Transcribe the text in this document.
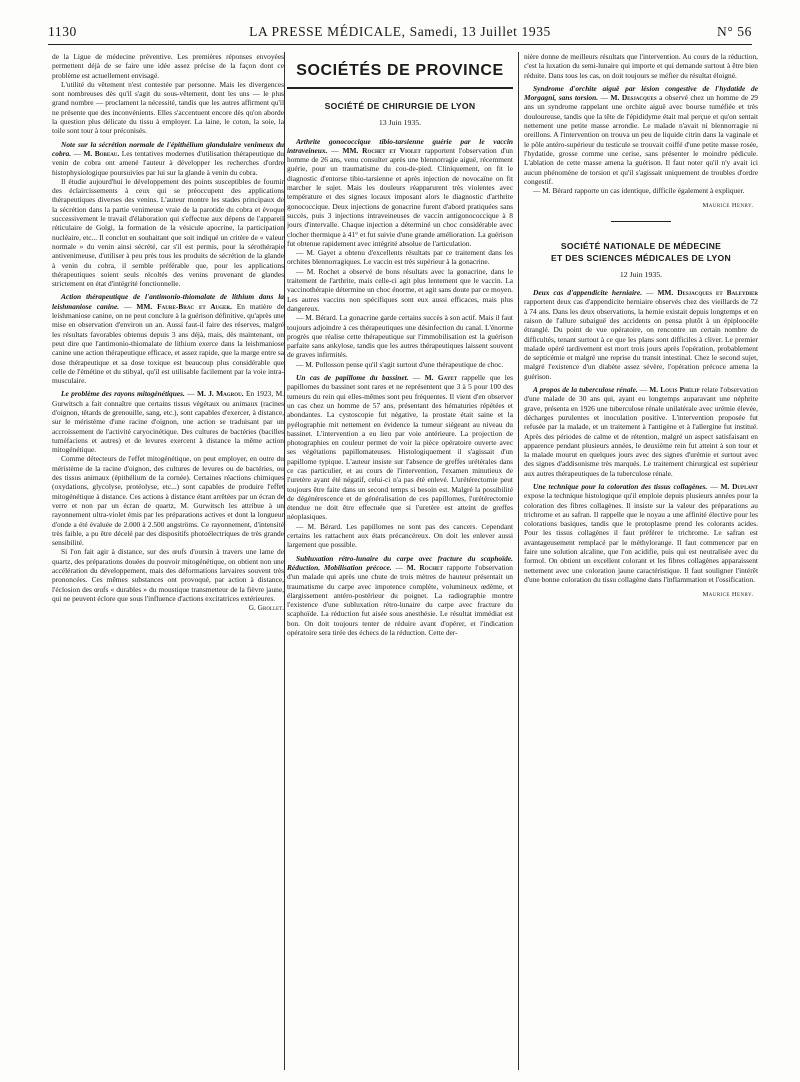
1130	LA PRESSE MÉDICALE, Samedi, 13 Juillet 1935	N° 56

de la Ligue de médecine préventive. Les premières réponses envoyées permettent déjà de se faire une idée assez précise de la façon dont ce problème est actuellement envisagé.

L'utilité du vêtement n'est contestée par personne. Mais les divergences sont nombreuses dès qu'il s'agit du sous-vêtement, dont les uns — le plus grand nombre — proclament la nécessité, tandis que les autres affirment qu'il ne présente que des inconvénients. Elles s'accentuent encore dès qu'on aborde la question plus délicate du tissu à employer. La laine, le coton, la soie, la toile sont tour à tour préconisés.

Note sur la sécrétion normale de l'épithélium glandulaire venimeux du cobra. — M. Bobeau. Les tentatives modernes d'utilisation thérapeutique du venin de cobra ont amené l'auteur à développer les recherches d'ordre histophysiologique poursuivies par lui sur la glande à venin du cobra.

Il étudie aujourd'hui le développement des points susceptibles de fournir des éclaircissements à ceux qui se préoccupent des applications thérapeutiques diverses des venins. L'auteur montre les stades principaux de la sécrétion dans la partie venimeuse vraie de la parotide du cobra et évoque successivement le travail d'élaboration qui s'effectue aux dépens de l'appareil réticulaire de Golgi, la formation de la vésicule apocrine, la participation nucléaire, etc... Il conclut en souhaitant que soit indiqué un critère de « valeur normale » du venin ainsi sécrété, car s'il est permis, pour la sérothérapie antivenimeuse, d'utiliser à peu près tous les produits de sécrétion de la glande à venin du cobra, il semble préférable que, pour les applications thérapeutiques soient seuls récoltés des venins provenant de glandes strictement en état d'intégrité fonctionnelle.

Action thérapeutique de l'antimonio-thiomalate de lithium dans la leishmaniose canine. — MM. Faure-Brac et Auger. En matière de leishmaniose canine, on ne peut conclure à la guérison définitive, qu'après une mise en observation d'environ un an. Aussi faut-il faire des réserves, malgré les résultats favorables obtenus depuis 3 ans déjà, mais, dès maintenant, on peut dire que l'antimonio-thiomalate de lithium exerce dans la leishmaniose canine une action thérapeutique efficace, et assez rapide, que la marge entre sa dose thérapeutique et sa dose toxique est beaucoup plus considérable que celle de l'émétine et du stibyal, qu'il est utilisable facilement par la voie intra-musculaire.

Le problème des rayons mitogénétiques. — M. J. Magrou. En 1923, M. Gurwitsch a fait connaître que certains tissus végétaux ou animaux (racines d'oignon, têtards de grenouille, sang, etc.), sont capables d'exercer, à distance, sur le méristème d'une racine d'oignon, une action se traduisant par un accroissement de l'activité caryocinétique. Des cultures de bactéries (bacilles tuméfaciens et autres) et de levures exercent à distance la même action mitogénétique.

Comme détecteurs de l'effet mitogénétique, on peut employer, en outre du méristème de la racine d'oignon, des cultures de levures ou de bactéries, ou des tissus animaux (épithélium de la cornée). Certaines réactions chimiques (oxydations, glycolyse, protéolyse, etc...) sont capables de produire l'effet mitogénétique à distance. Ces actions à distance étant arrêtées par un écran de verre et non par un écran de quartz, M. Gurwitsch les attribue à un rayonnement ultra-violet émis par les préparations actives et dont la longueur d'onde a été évaluée de 2.000 à 2.500 angströms. Ce rayonnement, d'intensité très faible, a pu être décelé par des dispositifs photoélectriques de très grande sensibilité.

Si l'on fait agir à distance, sur des œufs d'oursin à travers une lame de quartz, des préparations douées du pouvoir mitogénétique, on obtient non une accélération du développement, mais des déformations larvaires souvent très prononcées. Ces mêmes substances ont provoqué, par action à distance, l'éclosion des œufs « durables » du moustique transmetteur de la fièvre jaune, qui ne peuvent éclore que sous l'influence d'actions excitatrices extérieures.

G. Grollet.

SOCIÉTÉS DE PROVINCE
SOCIÉTÉ DE CHIRURGIE DE LYON
13 Juin 1935.

Arthrite gonococcique tibio-tarsienne guérie par le vaccin intraveineux. — MM. Rochet et Violet rapportent l'observation d'un homme de 26 ans, venu consulter après une blennorragie aiguë, récemment guérie, pour un traumatisme du cou-de-pied. Cliniquement, on fit le diagnostic d'entorse tibio-tarsienne et après injection de novocaïne on fit marcher le sujet. Mais les douleurs réapparurent très violentes avec température et des signes locaux imposant alors le diagnostic d'arthrite gonococcique. Deux injections de gonacrine furent d'abord pratiquées sans succès, puis 3 injections intraveineuses de vaccin antigonococcique à 8 jours d'intervalle. Chaque injection a déterminé un choc considérable avec clocher thermique à 41° et fut suivie d'une grande amélioration. La guérison fut obtenue rapidement avec intégrité absolue de l'articulation.

— M. Gayet a obtenu d'excellents résultats par ce traitement dans les orchites blennorragiques. Le vaccin est très supérieur à la gonacrine.

— M. Rochet a observé de bons résultats avec la gonacrine, dans le traitement de l'arthrite, mais celle-ci agit plus lentement que le vaccin. La vaccinothérapie détermine un choc énorme, et agit sans doute par ce moyen. Les autres vaccins non spécifiques sont eux aussi efficaces, mais plus dangereux.

— M. Bérard. La gonacrine garde certains succès à son actif. Mais il faut toujours adjoindre à ces thérapeutiques une désinfection du canal. L'énorme progrès que réalise cette thérapeutique sur l'immobilisation est la guérison parfaite sans ankylose, tandis que les autres thérapeutiques laissent souvent de graves infirmités.

— M. Pollosson pense qu'il s'agit surtout d'une thérapeutique de choc.

Un cas de papillome du bassinet. — M. Gayet rappelle que les papillomes du bassinet sont rares et ne représentent que 3 à 5 pour 100 des tumeurs du rein qui elles-mêmes sont peu fréquentes. Il vient d'en observer un cas chez un homme de 57 ans, présentant des hématuries répétées et abondantes. La cystoscopie fut négative, la prostate était saine et la pyélographie mit nettement en évidence la tumeur siégeant au niveau du bassinet. L'intervention a eu lieu par voie antérieure. La projection de photographies en couleur permet de voir la pièce opératoire ouverte avec ses végétations papillomateuses. Histologiquement il s'agissait d'un papillome typique. L'auteur insiste sur l'absence de greffes urétérales dans ce cas particulier, et au cours de l'intervention, l'examen minutieux de l'uretère ayant été négatif, celui-ci n'a pas été enlevé. L'urétérectomie peut toujours être faite dans un second temps si besoin est. Malgré la possibilité de dégénérescence et de généralisation de ces papillomes, l'urétérectomie étendue ne doit être effectuée que si l'uretère est atteint de greffes néoplasiques.

— M. Bérard. Les papillomes ne sont pas des cancers. Cependant certains les rattachent aux états précancéreux. On doit les enlever aussi largement que possible.

Subluxation rétro-lunaire du carpe avec fracture du scaphoïde. Réduction. Mobilisation précoce. — M. Rochet rapporte l'observation d'un malade qui après une chute de trois mètres de hauteur présentait un traumatisme du carpe avec impotence complète, volumineux œdème, et élargissement antéro-postérieur du poignet. La radiographie montre l'existence d'une subluxation rétro-lunaire du carpe avec fracture du scaphoïde. La réduction fut aisée sous anesthésie. Le résultat immédiat est bon. On doit toujours tenter de réduire avant d'opérer, et l'indication opératoire sera tirée des échecs de la réduction. Cette der-

nière donne de meilleurs résultats que l'intervention. Au cours de la réduction, c'est la luxation du semi-lunaire qui importe et qui demande surtout à être bien réduite. Dans tous les cas, on doit toujours se méfier du résultat éloigné.

Syndrome d'orchite aiguë par lésion congestive de l'hydatide de Morgagni, sans torsion. — M. Desjacques a observé chez un homme de 29 ans un syndrome rappelant une orchite aiguë avec bourse tuméfiée et très douloureuse, tandis que la tête de l'épididyme était mal perçue et qu'on sentait nettement une petite masse arrondie. Le malade n'avait ni blennorragie ni oreillons. A l'intervention on trouva un peu de liquide citrin dans la vaginale et le pôle antéro-supérieur du testicule se trouvait coiffé d'une petite masse rosée, l'hydatide, grosse comme une cerise, sans présenter le moindre pédicule. L'ablation de cette masse amena la guérison. Il faut noter qu'il n'y avait ici aucun phénomène de torsion et qu'il s'agissait uniquement de troubles d'ordre congestif.

— M. Bérard rapporte un cas identique, difficile également à expliquer.

Maurice Henry.
SOCIÉTÉ NATIONALE DE MÉDECINE
ET DES SCIENCES MÉDICALES DE LYON
12 Juin 1935.

Deux cas d'appendicite herniaire. — MM. Desjacques et Baleydier rapportent deux cas d'appendicite herniaire observés chez des vieillards de 72 à 74 ans. Dans les deux observations, la hernie existait depuis longtemps et en raison de l'allure subaiguë des accidents on pensa plutôt à un épiploocèle étranglé. Du point de vue opératoire, on rencontre un certain nombre de difficultés, tenant surtout à ce que les plans sont difficiles à cliver. Le premier malade opéré tardivement est mort trois jours après l'opération, probablement de septicémie et malgré une reprise du transit intestinal. Chez le second sujet, malgré l'existence d'un diabète assez sévère, l'opération précoce amena la guérison.

A propos de la tuberculose rénale. — M. Louis Phélip relate l'observation d'une malade de 30 ans qui, ayant eu longtemps auparavant une néphrite grave, présenta en 1926 une tuberculose rénale unilatérale avec urémie élevée, décharges purulentes et inoculation positive. L'intervention proposée fut refusée par la malade, et un traitement à l'antigène et à l'allergine fut institué. Après des périodes de calme et de rétention, malgré un aspect satisfaisant en apparence pendant plusieurs années, le deuxième rein fut atteint à son tour et la malade mourut en quelques jours avec des signes d'urémie et surtout avec des signes d'addisonisme très marqués. Le traitement chirurgical est supérieur aux autres thérapeutiques de la tuberculose rénale.

Une technique pour la coloration des tissus collagènes. — M. Duplant expose la technique histologique qu'il emploie depuis plusieurs années pour la coloration des fibres collagènes. Il insiste sur la valeur des préparations au trichrome et au safran. Il rappelle que le noyau a une affinité élective pour les colorations basiques, tandis que le protoplasme prend les colorants acides. Pour les tissus collagènes il faut préférer le trichrome. Le safran est avantageusement remplacé par le méthylorange. Il faut commencer par en faire une solution alcaline, que l'on acidifie, puis qui est neutralisée avec du formol. On obtient un excellent colorant et les fibres collagènes apparaissent nettement avec une coloration jaune caractéristique. Il faut souligner l'intérêt d'une bonne coloration du tissu collagène dans l'inflammation et l'ossification.

Maurice Henry.
